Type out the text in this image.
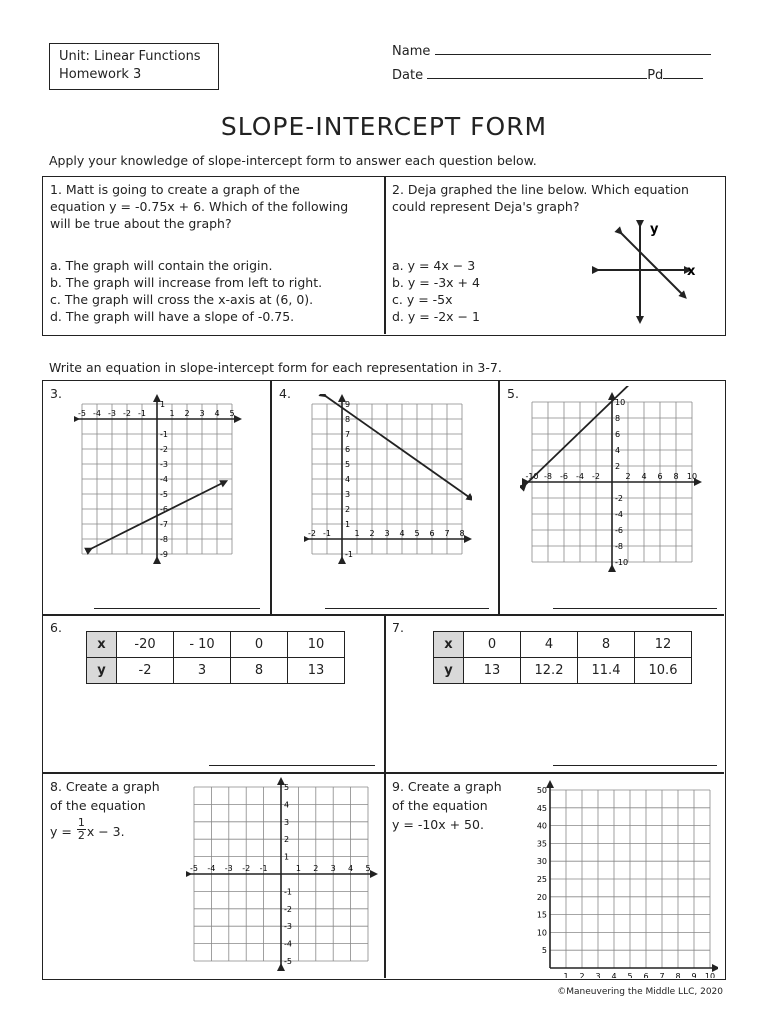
Unit: Linear Functions
Homework 3
Name
Date	Pd
SLOPE-INTERCEPT FORM
Apply your knowledge of slope-intercept form to answer each question below.
1. Matt is going to create a graph of the
equation y = -0.75x + 6. Which of the following
will be true about the graph?
a. The graph will contain the origin.
b. The graph will increase from left to right.
c. The graph will cross the x-axis at (6, 0).
d. The graph will have a slope of -0.75.
2. Deja graphed the line below. Which equation
could represent Deja's graph?
a. y = 4x − 3
b. y = -3x + 4
c. y = -5x
d. y = -2x − 1
y
x
Write an equation in slope-intercept form for each representation in 3-7.
3.	4.	5.
-5 -4 -3 -2 -1	1 2 3 4 5
1
-1
-2
-3
-4
-5
-6
-7
-8
-9
-2 -1	1 2 3 4 5 6 7 8
9
8
7
6
5
4
3
2
1
-1
-10 -8 -6 -4 -2	2 4 6 8 10
10
8
6
4
2
-2
-4
-6
-8
-10
6.
x	-20	- 10	0	10
y	-2	3	8	13
7.
x	0	4	8	12
y	13	12.2	11.4	10.6
8. Create a graph
of the equation
$y = \frac{1}{2}$ x − 3.
-5 -4 -3 -2 -1	1 2 3 4 5
5
4
3
2
1
-1
-2
-3
-4
-5
9. Create a graph
of the equation
y = -10x + 50.
1 2 3 4 5 6 7 8 9 10
50
45
40
35
30
25
20
15
10
5
©Maneuvering the Middle LLC, 2020
